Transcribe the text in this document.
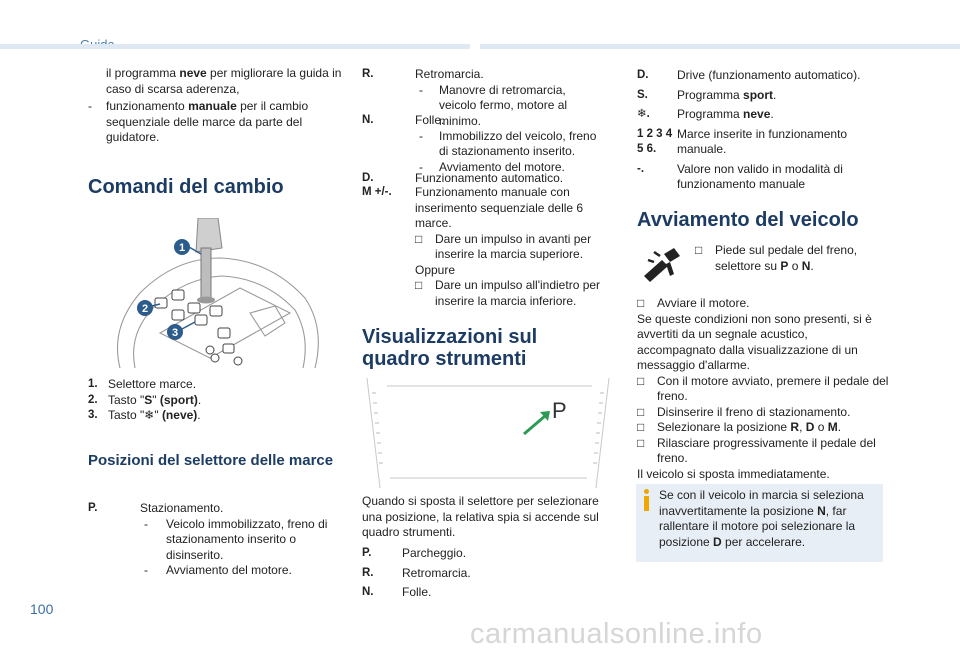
il programma neve per migliorare la guida in caso di scarsa aderenza,
-	funzionamento manuale per il cambio sequenziale delle marce da parte del guidatore.
Comandi del cambio
1
2
3
1. Selettore marce.
2. Tasto "S" (sport).
3. Tasto "❄" (neve).
Posizioni del selettore delle marce
P.	Stazionamento.
-	Veicolo immobilizzato, freno di stazionamento inserito o disinserito.
-	Avviamento del motore.
R.	Retromarcia.
-	Manovre di retromarcia, veicolo fermo, motore al minimo.
N.	Folle.
-	Immobilizzo del veicolo, freno di stazionamento inserito.
-	Avviamento del motore.
D.	Funzionamento automatico.
M +/-. Funzionamento manuale con inserimento sequenziale delle 6 marce.
□	Dare un impulso in avanti per inserire la marcia superiore.
Oppure
□	Dare un impulso all'indietro per inserire la marcia inferiore.
Visualizzazioni sul quadro strumenti
P
Quando si sposta il selettore per selezionare una posizione, la relativa spia si accende sul quadro strumenti.
P.	Parcheggio.
R.	Retromarcia.
N.	Folle.
D.	Drive (funzionamento automatico).
S.	Programma sport.
❄.	Programma neve.
1 2 3 4 5 6.
Marce inserite in funzionamento manuale.
-.	Valore non valido in modalità di funzionamento manuale
Avviamento del veicolo
□	Piede sul pedale del freno, selettore su P o N.
□	Avviare il motore.
Se queste condizioni non sono presenti, si è avvertiti da un segnale acustico, accompagnato dalla visualizzazione di un messaggio d'allarme.
□	Con il motore avviato, premere il pedale del freno.
□	Disinserire il freno di stazionamento.
□	Selezionare la posizione R, D o M.
□	Rilasciare progressivamente il pedale del freno.
Il veicolo si sposta immediatamente.
Se con il veicolo in marcia si seleziona inavvertitamente la posizione N, far rallentare il motore poi selezionare la posizione D per accelerare.
100
carmanualsonline.info
